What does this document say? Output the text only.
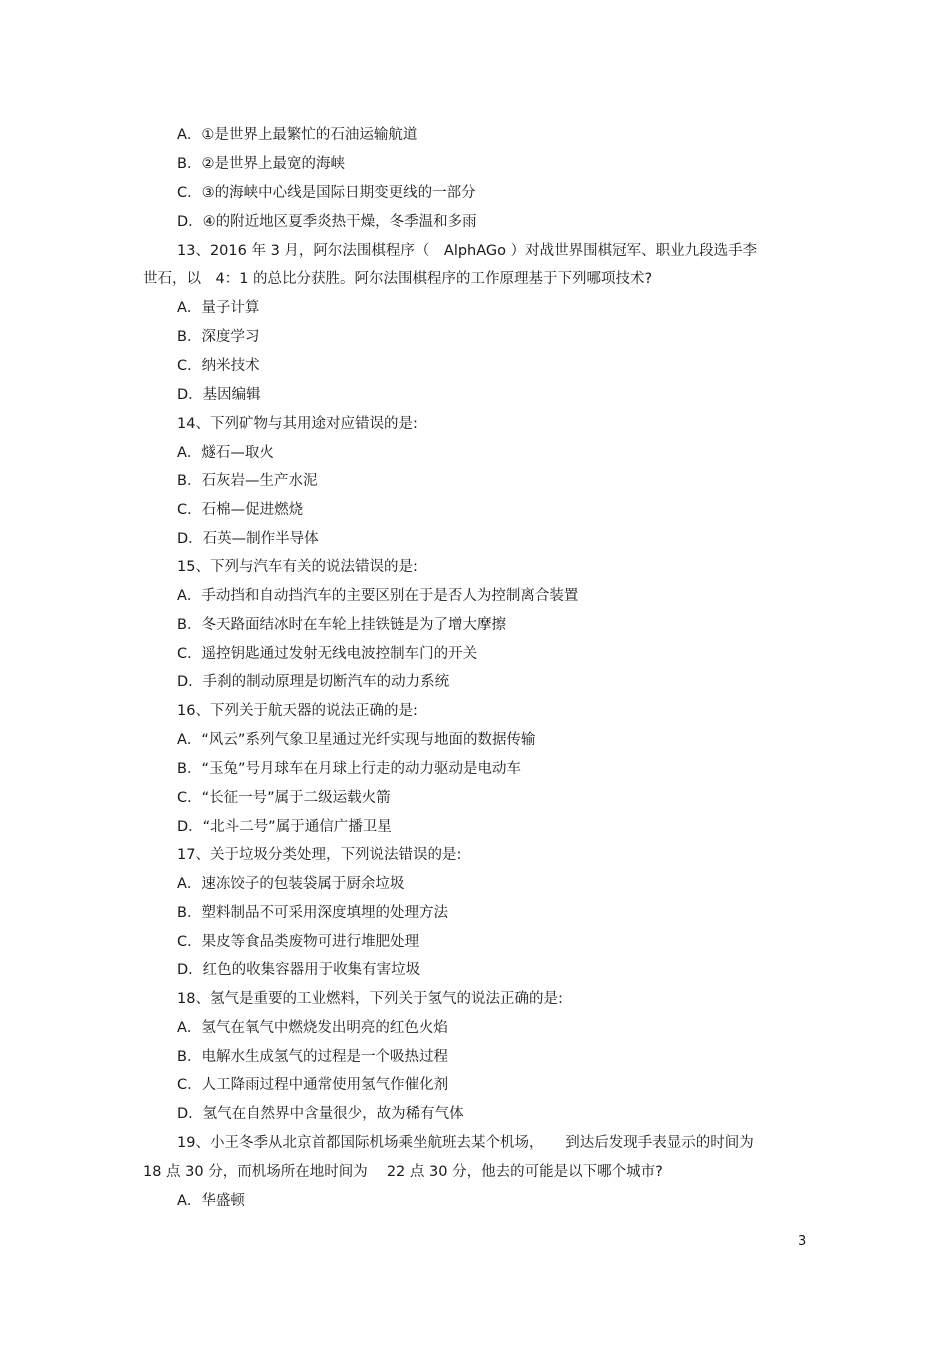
A．①是世界上最繁忙的石油运输航道
B．②是世界上最宽的海峡
C．③的海峡中心线是国际日期变更线的一部分
D．④的附近地区夏季炎热干燥，冬季温和多雨
13、2016 年 3 月，阿尔法围棋程序（　AlphAGo ）对战世界围棋冠军、职业九段选手李
世石，以　4：1 的总比分获胜。阿尔法围棋程序的工作原理基于下列哪项技术?
A．量子计算
B．深度学习
C．纳米技术
D．基因编辑
14、下列矿物与其用途对应错误的是:
A．燧石—取火
B．石灰岩—生产水泥
C．石棉—促进燃烧
D．石英—制作半导体
15、下列与汽车有关的说法错误的是:
A．手动挡和自动挡汽车的主要区别在于是否人为控制离合装置
B．冬天路面结冰时在车轮上挂铁链是为了增大摩擦
C．遥控钥匙通过发射无线电波控制车门的开关
D．手刹的制动原理是切断汽车的动力系统
16、下列关于航天器的说法正确的是:
A．“风云”系列气象卫星通过光纤实现与地面的数据传输
B．“玉兔”号月球车在月球上行走的动力驱动是电动车
C．“长征一号”属于二级运载火箭
D．“北斗二号”属于通信广播卫星
17、关于垃圾分类处理，下列说法错误的是:
A．速冻饺子的包装袋属于厨余垃圾
B．塑料制品不可采用深度填埋的处理方法
C．果皮等食品类废物可进行堆肥处理
D．红色的收集容器用于收集有害垃圾
18、氢气是重要的工业燃料，下列关于氢气的说法正确的是:
A．氢气在氧气中燃烧发出明亮的红色火焰
B．电解水生成氢气的过程是一个吸热过程
C．人工降雨过程中通常使用氢气作催化剂
D．氢气在自然界中含量很少，故为稀有气体
19、小王冬季从北京首都国际机场乘坐航班去某个机场，　　到达后发现手表显示的时间为
18 点 30 分，而机场所在地时间为　 22 点 30 分，他去的可能是以下哪个城市?
A．华盛顿
3
